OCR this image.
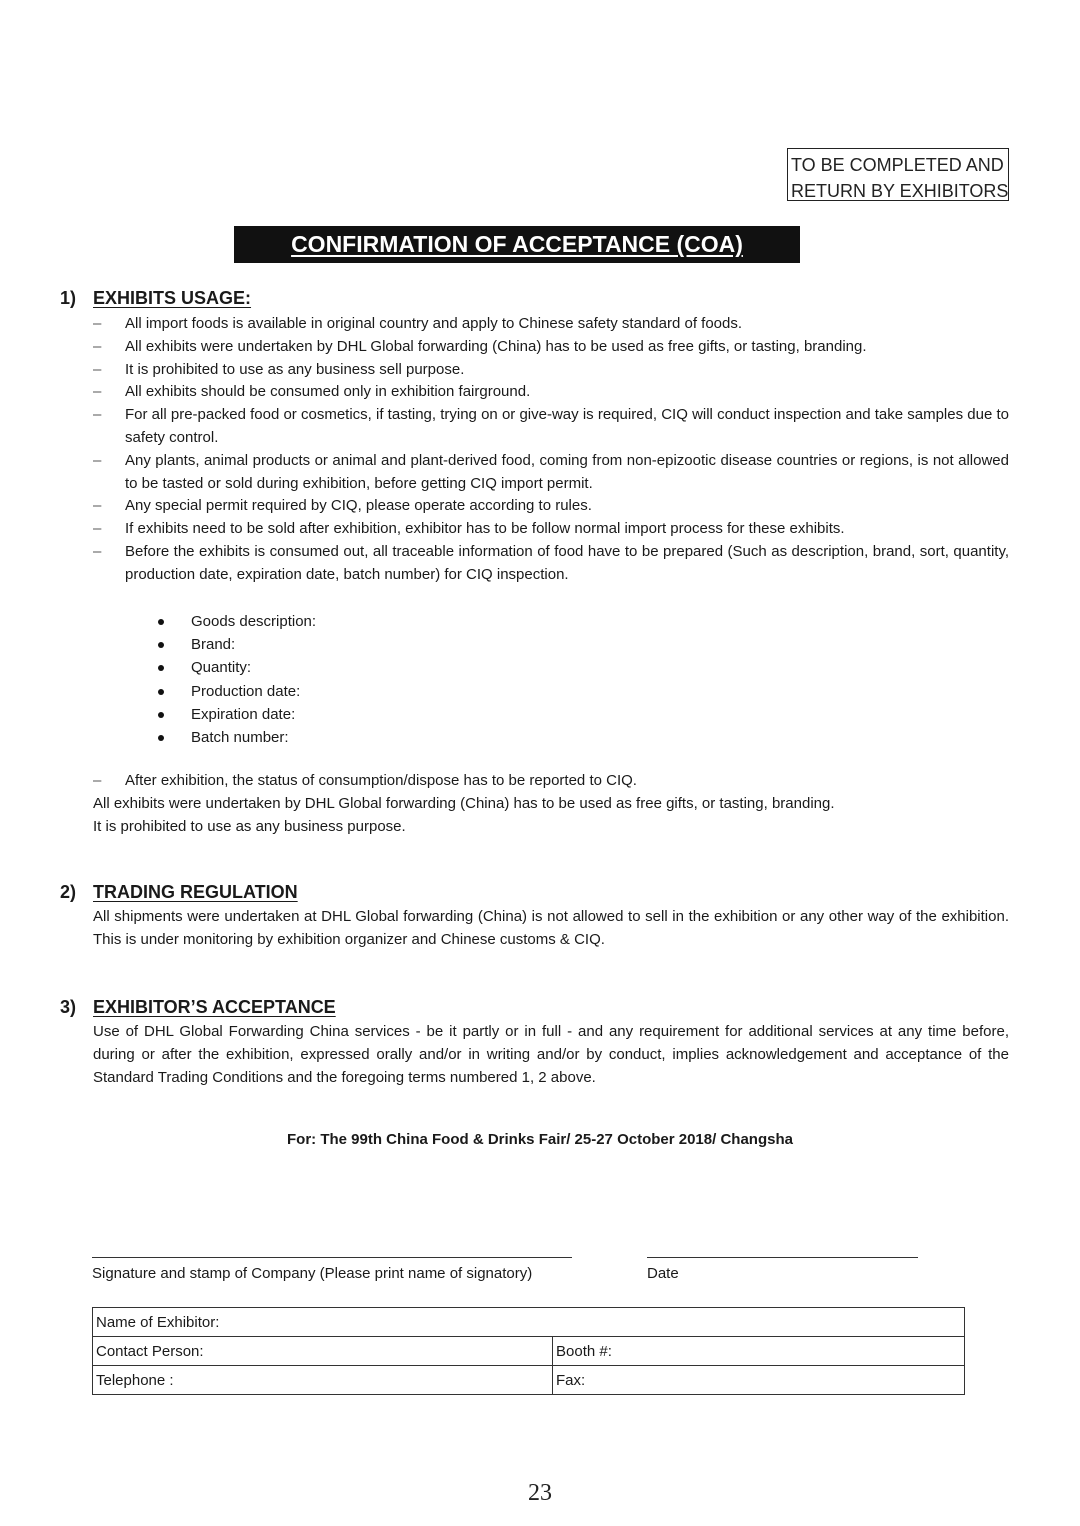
TO BE COMPLETED AND
RETURN BY EXHIBITORS
CONFIRMATION OF ACCEPTANCE (COA)
1) EXHIBITS USAGE:
– All import foods is available in original country and apply to Chinese safety standard of foods.
– All exhibits were undertaken by DHL Global forwarding (China) has to be used as free gifts, or tasting, branding.
– It is prohibited to use as any business sell purpose.
– All exhibits should be consumed only in exhibition fairground.
– For all pre-packed food or cosmetics, if tasting, trying on or give-way is required, CIQ will conduct inspection and take samples due to safety control.
– Any plants, animal products or animal and plant-derived food, coming from non-epizootic disease countries or regions, is not allowed to be tasted or sold during exhibition, before getting CIQ import permit.
– Any special permit required by CIQ, please operate according to rules.
– If exhibits need to be sold after exhibition, exhibitor has to be follow normal import process for these exhibits.
– Before the exhibits is consumed out, all traceable information of food have to be prepared (Such as description, brand, sort, quantity, production date, expiration date, batch number) for CIQ inspection.
Goods description:
Brand:
Quantity:
Production date:
Expiration date:
Batch number:
– After exhibition, the status of consumption/dispose has to be reported to CIQ.
All exhibits were undertaken by DHL Global forwarding (China) has to be used as free gifts, or tasting, branding.
It is prohibited to use as any business purpose.
2) TRADING REGULATION
All shipments were undertaken at DHL Global forwarding (China) is not allowed to sell in the exhibition or any other way of the exhibition. This is under monitoring by exhibition organizer and Chinese customs & CIQ.
3) EXHIBITOR’S ACCEPTANCE
Use of DHL Global Forwarding China services - be it partly or in full - and any requirement for additional services at any time before, during or after the exhibition, expressed orally and/or in writing and/or by conduct, implies acknowledgement and acceptance of the Standard Trading Conditions and the foregoing terms numbered 1, 2 above.
For: The 99th China Food & Drinks Fair/ 25-27 October 2018/ Changsha
Signature and stamp of Company (Please print name of signatory)	Date
Name of Exhibitor:	
Contact Person:	Booth #:
Telephone :	Fax:
23
